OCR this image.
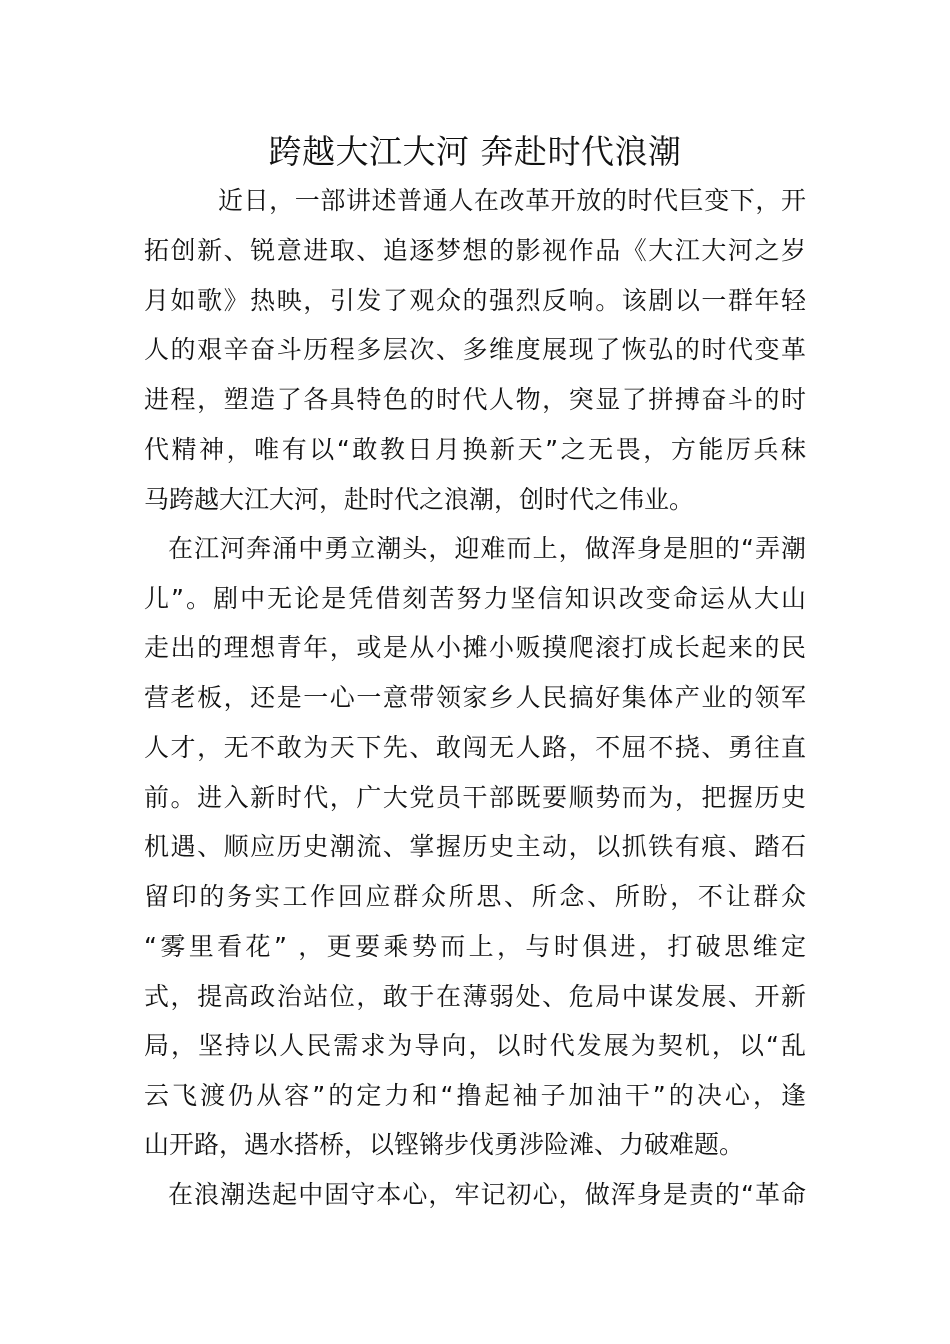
跨越大江大河 奔赴时代浪潮
近日，一部讲述普通人在改革开放的时代巨变下，开
拓创新、锐意进取、追逐梦想的影视作品《大江大河之岁
月如歌》热映，引发了观众的强烈反响。该剧以一群年轻
人的艰辛奋斗历程多层次、多维度展现了恢弘的时代变革
进程，塑造了各具特色的时代人物，突显了拼搏奋斗的时
代精神，唯有以“敢教日月换新天”之无畏，方能厉兵秣
马跨越大江大河，赴时代之浪潮，创时代之伟业。
在江河奔涌中勇立潮头，迎难而上，做浑身是胆的“弄潮
儿”。剧中无论是凭借刻苦努力坚信知识改变命运从大山
走出的理想青年，或是从小摊小贩摸爬滚打成长起来的民
营老板，还是一心一意带领家乡人民搞好集体产业的领军
人才，无不敢为天下先、敢闯无人路，不屈不挠、勇往直
前。进入新时代，广大党员干部既要顺势而为，把握历史
机遇、顺应历史潮流、掌握历史主动，以抓铁有痕、踏石
留印的务实工作回应群众所思、所念、所盼，不让群众
“雾里看花” ，更要乘势而上，与时俱进，打破思维定
式，提高政治站位，敢于在薄弱处、危局中谋发展、开新
局，坚持以人民需求为导向，以时代发展为契机，以“乱
云飞渡仍从容”的定力和“撸起袖子加油干”的决心，逢
山开路，遇水搭桥，以铿锵步伐勇涉险滩、力破难题。
在浪潮迭起中固守本心，牢记初心，做浑身是责的“革命
